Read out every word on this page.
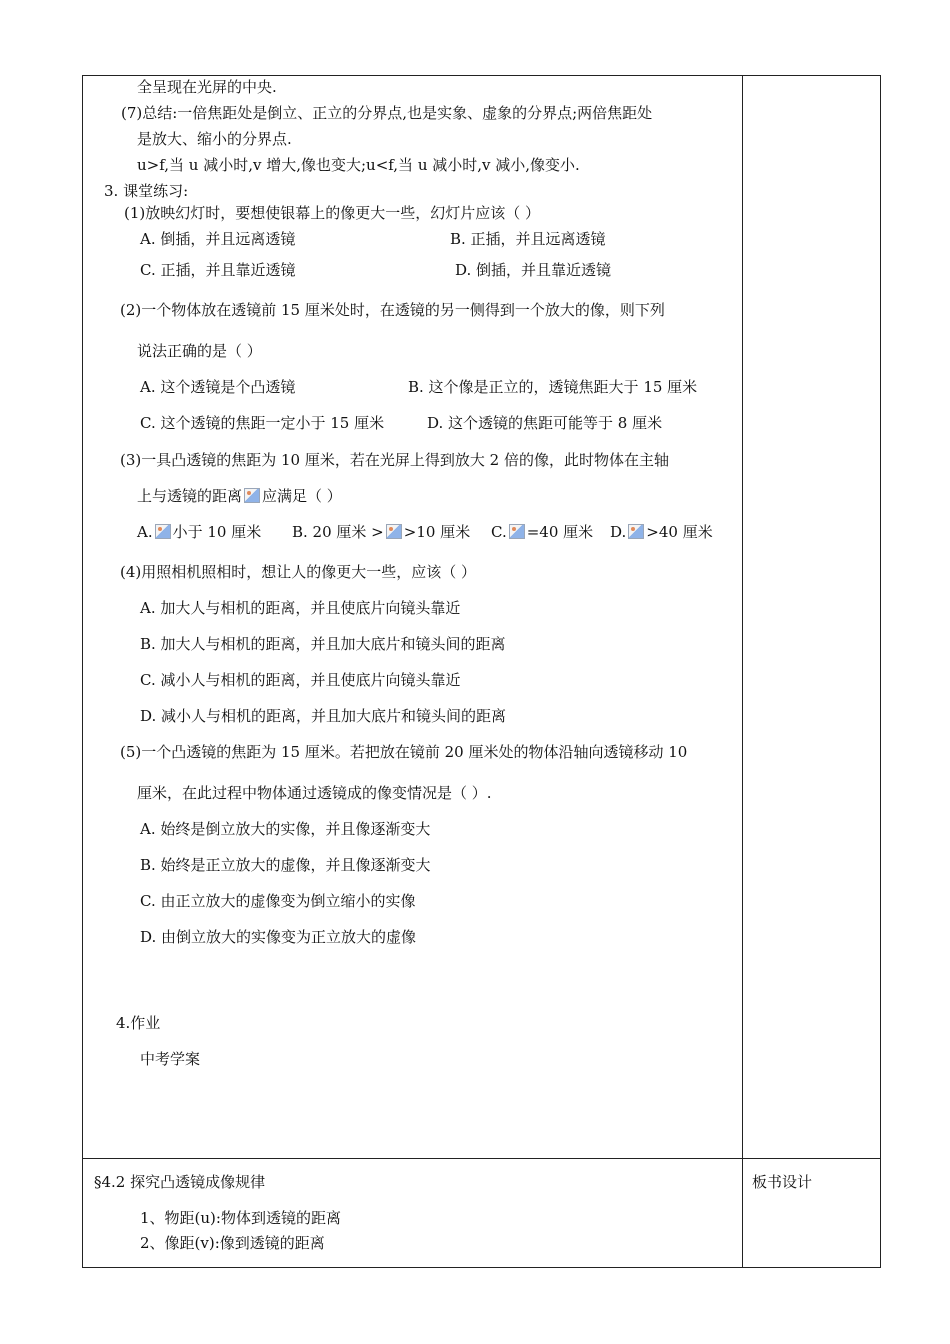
全呈现在光屏的中央.
(7)总结:一倍焦距处是倒立、正立的分界点,也是实象、虚象的分界点;两倍焦距处
是放大、缩小的分界点.
u>f,当 u 减小时,v 增大,像也变大;u<f,当 u 减小时,v 减小,像变小.
3. 课堂练习:
(1)放映幻灯时，要想使银幕上的像更大一些，幻灯片应该（ ）
A. 倒插，并且远离透镜	B. 正插，并且远离透镜
C. 正插，并且靠近透镜	D. 倒插，并且靠近透镜
(2)一个物体放在透镜前 15 厘米处时，在透镜的另一侧得到一个放大的像，则下列
说法正确的是（ ）
A. 这个透镜是个凸透镜	B. 这个像是正立的，透镜焦距大于 15 厘米
C. 这个透镜的焦距一定小于 15 厘米	D. 这个透镜的焦距可能等于 8 厘米
(3)一具凸透镜的焦距为 10 厘米，若在光屏上得到放大 2 倍的像，此时物体在主轴
上与透镜的距离 应满足（ ）
A. 小于 10 厘米 B. 20 厘米 > >10 厘米 C. =40 厘米 D. >40 厘米
(4)用照相机照相时，想让人的像更大一些，应该（ ）
A. 加大人与相机的距离，并且使底片向镜头靠近
B. 加大人与相机的距离，并且加大底片和镜头间的距离
C. 减小人与相机的距离，并且使底片向镜头靠近
D. 减小人与相机的距离，并且加大底片和镜头间的距离
(5)一个凸透镜的焦距为 15 厘米。若把放在镜前 20 厘米处的物体沿轴向透镜移动 10
厘米，在此过程中物体通过透镜成的像变情况是（ ）.
A. 始终是倒立放大的实像，并且像逐渐变大
B. 始终是正立放大的虚像，并且像逐渐变大
C. 由正立放大的虚像变为倒立缩小的实像
D. 由倒立放大的实像变为正立放大的虚像
4.作业
中考学案
§4.2 探究凸透镜成像规律
1、物距(u):物体到透镜的距离
2、像距(v):像到透镜的距离
板书设计
